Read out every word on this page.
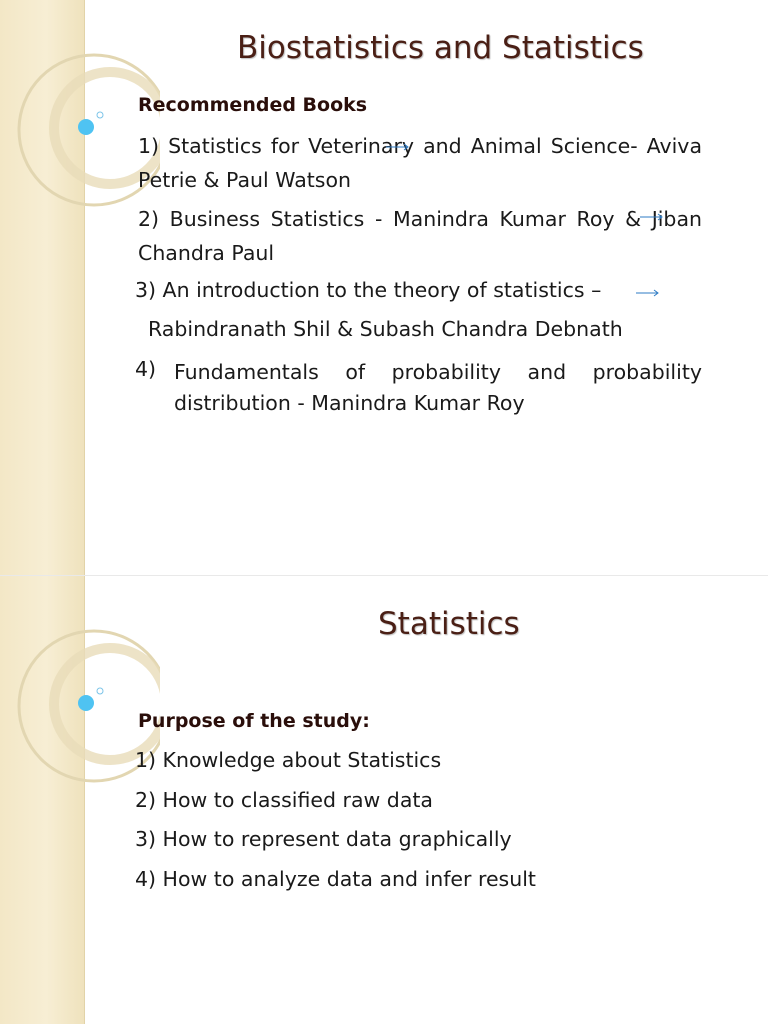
Biostatistics and Statistics

Recommended Books

1) Statistics for Veterinary and Animal Science- Aviva Petrie & Paul Watson

2) Business Statistics - Manindra Kumar Roy & Jiban Chandra Paul

3) An introduction to the theory of statistics –

Rabindranath Shil & Subash Chandra Debnath

4) Fundamentals of probability and probability

distribution - Manindra Kumar Roy

Statistics

Purpose of the study:

1) Knowledge about Statistics

2) How to classified raw data

3) How to represent data graphically

4) How to analyze data and infer result
